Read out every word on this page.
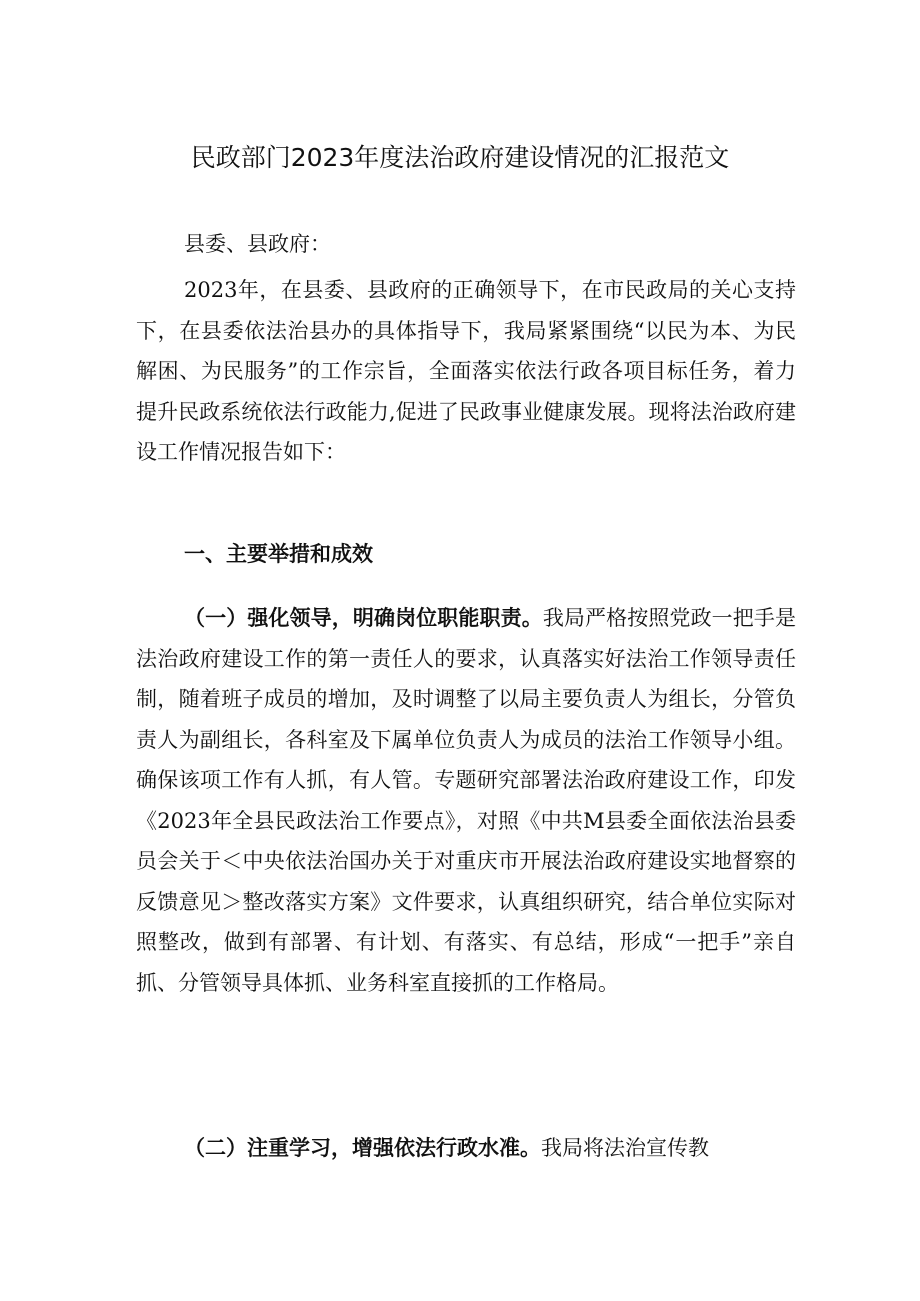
民政部门2023年度法治政府建设情况的汇报范文

县委、县政府：

2023年，在县委、县政府的正确领导下，在市民政局的关心支持下，在县委依法治县办的具体指导下，我局紧紧围绕“以民为本、为民解困、为民服务”的工作宗旨，全面落实依法行政各项目标任务，着力提升民政系统依法行政能力,促进了民政事业健康发展。现将法治政府建设工作情况报告如下：

一、主要举措和成效

（一）强化领导，明确岗位职能职责。我局严格按照党政一把手是法治政府建设工作的第一责任人的要求，认真落实好法治工作领导责任制，随着班子成员的增加，及时调整了以局主要负责人为组长，分管负责人为副组长，各科室及下属单位负责人为成员的法治工作领导小组。确保该项工作有人抓，有人管。专题研究部署法治政府建设工作，印发《2023年全县民政法治工作要点》，对照《中共M县委全面依法治县委员会关于＜中央依法治国办关于对重庆市开展法治政府建设实地督察的反馈意见＞整改落实方案》文件要求，认真组织研究，结合单位实际对照整改，做到有部署、有计划、有落实、有总结，形成“一把手”亲自抓、分管领导具体抓、业务科室直接抓的工作格局。

（二）注重学习，增强依法行政水准。我局将法治宣传教
